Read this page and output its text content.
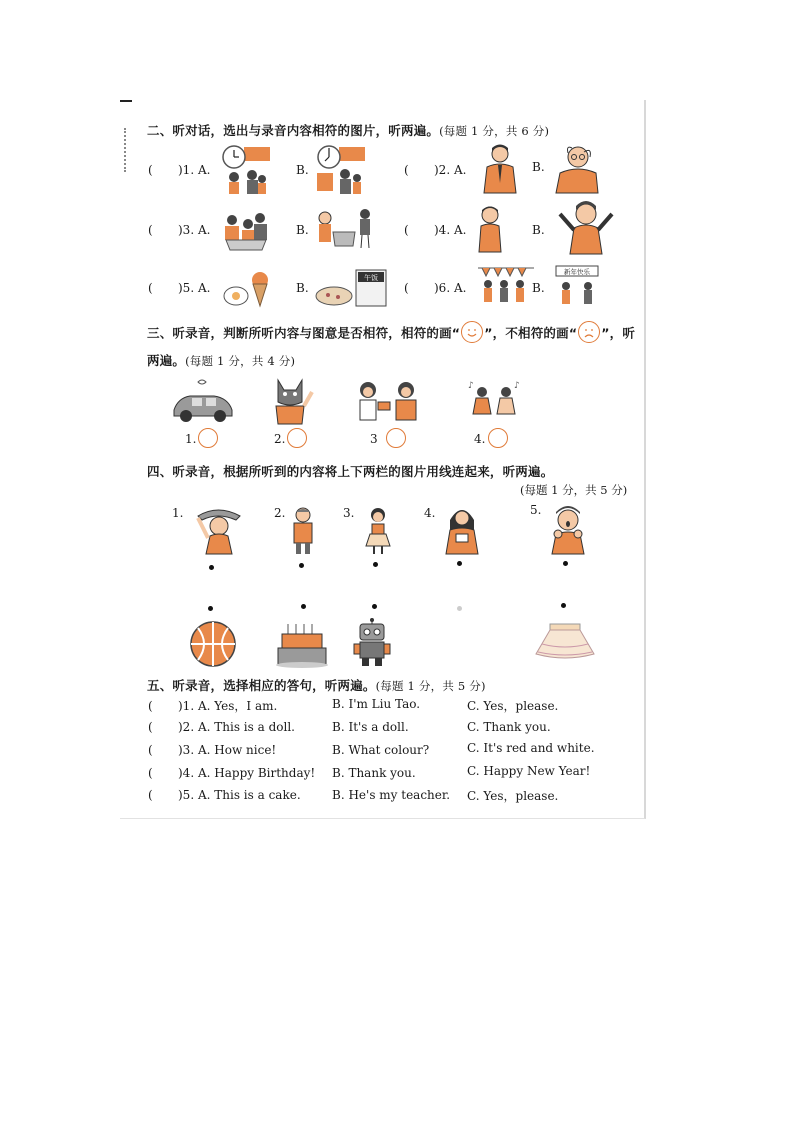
二、听对话，选出与录音内容相符的图片，听两遍。(每题 1 分，共 6 分)
( )1. A.	B.	( )2. A.	B.
( )3. A.	B.	( )4. A.	B.
( )5. A.	B.
午饭
( )6. A.	B.
新年快乐
三、听录音，判断所听内容与图意是否相符，相符的画“ ”，不相符的画“ ”，听
两遍。(每题 1 分，共 4 分)
♪	♪
1.	2.	3	4.
四、听录音，根据所听到的内容将上下两栏的图片用线连起来，听两遍。
(每题 1 分，共 5 分)
1.	2.	3.	4.	5.
五、听录音，选择相应的答句，听两遍。(每题 1 分，共 5 分)
( )1. A. Yes，I am.	B. I'm Liu Tao.	C. Yes，please.
( )2. A. This is a doll.	B. It's a doll.	C. Thank you.
( )3. A. How nice!	B. What colour?	C. It's red and white.
( )4. A. Happy Birthday! B. Thank you.	C. Happy New Year!
( )5. A. This is a cake.	B. He's my teacher. C. Yes，please.
